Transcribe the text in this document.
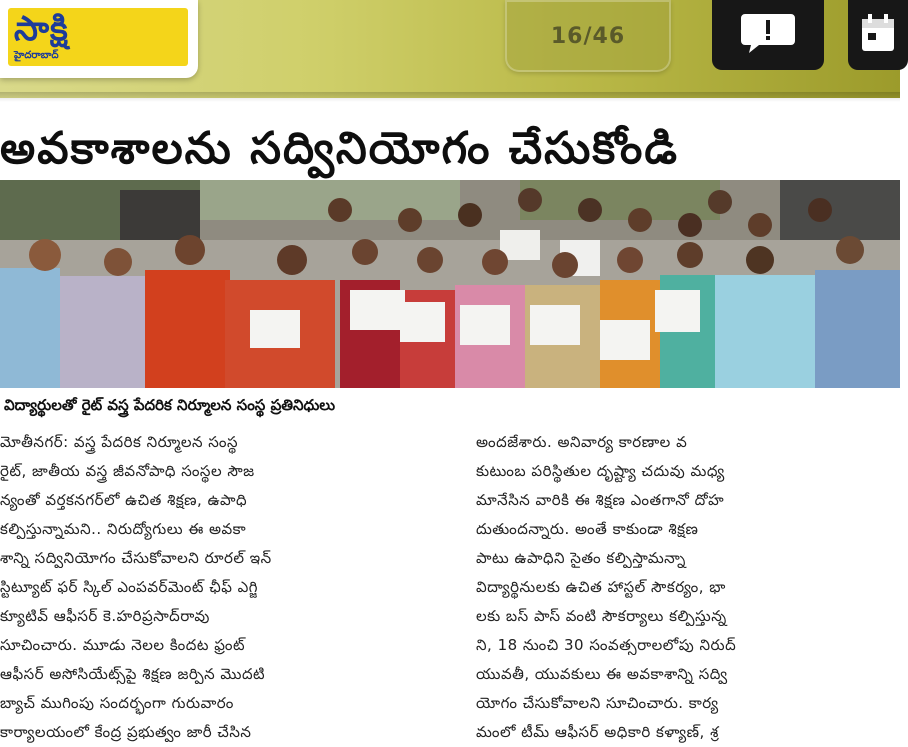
సాక్షి
హైదరాబాద్
16/46
అవకాశాలను సద్వినియోగం చేసుకోండి
విద్యార్థులతో రైట్ వస్త్ర పేదరిక నిర్మూలన సంస్థ ప్రతినిధులు

మోతీనగర్: వస్త్ర పేదరిక నిర్మూలన సంస్థ

రైట్, జాతీయ వస్త్ర జీవనోపాధి సంస్థల సౌజ

న్యంతో వర్తకనగర్‌లో ఉచిత శిక్షణ, ఉపాధి

కల్పిస్తున్నామని.. నిరుద్యోగులు ఈ అవకా

శాన్ని సద్వినియోగం చేసుకోవాలని రూరల్ ఇన్

స్టిట్యూట్ ఫర్ స్కిల్ ఎంపవర్‌మెంట్ ఛీఫ్ ఎగ్జి

క్యూటివ్ ఆఫీసర్ కె.హరిప్రసాద్‌రావు

సూచించారు. మూడు నెలల కిందట ఫ్రంట్

ఆఫీసర్ అసోసియేట్స్‌పై శిక్షణ జర్పిన మొదటి

బ్యాచ్ ముగింపు సందర్భంగా గురువారం

కార్యాలయంలో కేంద్ర ప్రభుత్వం జారీ చేసిన

అందజేశారు. అనివార్య కారణాల వ

కుటుంబ పరిస్థితుల దృష్ట్యా చదువు మధ్య

మానేసిన వారికి ఈ శిక్షణ ఎంతగానో దోహ

దుతుందన్నారు. అంతే కాకుండా శిక్షణ

పాటు ఉపాధిని సైతం కల్పిస్తామన్నా

విద్యార్థినులకు ఉచిత హాస్టల్ సౌకర్యం, భా

లకు బస్ పాస్ వంటి సౌకర్యాలు కల్పిస్తున్న

ని, 18 నుంచి 30 సంవత్సరాలలోపు నిరుద్

యువతీ, యువకులు ఈ అవకాశాన్ని సద్వి

యోగం చేసుకోవాలని సూచించారు. కార్య

మంలో టీమ్ ఆఫీసర్ అధికారి కళ్యాణ్, శ్ర
